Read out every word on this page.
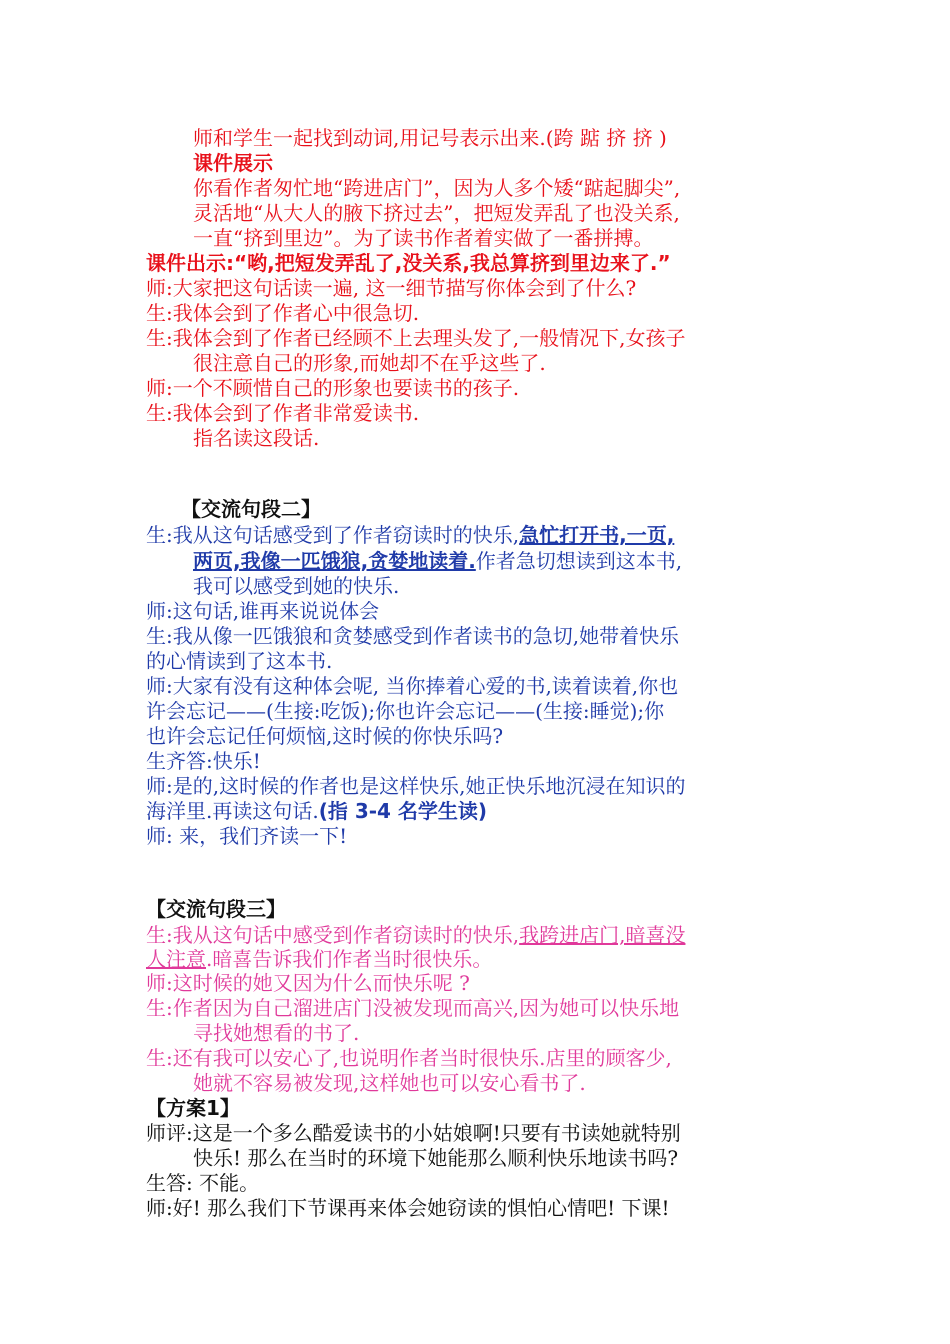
师和学生一起找到动词,用记号表示出来.(跨 踮 挤 挤 )
课件展示
你看作者匆忙地“跨进店门”，因为人多个矮“踮起脚尖”,
灵活地“从大人的腋下挤过去”，把短发弄乱了也没关系,
一直“挤到里边”。为了读书作者着实做了一番拼搏。
课件出示:“哟,把短发弄乱了,没关系,我总算挤到里边来了.”
师:大家把这句话读一遍, 这一细节描写你体会到了什么?
生:我体会到了作者心中很急切.
生:我体会到了作者已经顾不上去理头发了,一般情况下,女孩子
很注意自己的形象,而她却不在乎这些了.
师:一个不顾惜自己的形象也要读书的孩子.
生:我体会到了作者非常爱读书.
指名读这段话.
【交流句段二】
生:我从这句话感受到了作者窃读时的快乐,急忙打开书,一页,
两页,我像一匹饿狼,贪婪地读着.作者急切想读到这本书,
我可以感受到她的快乐.
师:这句话,谁再来说说体会
生:我从像一匹饿狼和贪婪感受到作者读书的急切,她带着快乐
的心情读到了这本书.
师:大家有没有这种体会呢, 当你捧着心爱的书,读着读着,你也
许会忘记——(生接:吃饭);你也许会忘记——(生接:睡觉);你
也许会忘记任何烦恼,这时候的你快乐吗?
生齐答:快乐!
师:是的,这时候的作者也是这样快乐,她正快乐地沉浸在知识的
海洋里.再读这句话.(指 3-4 名学生读)
师: 来，我们齐读一下!
【交流句段三】
生:我从这句话中感受到作者窃读时的快乐,我跨进店门,暗喜没
人注意.暗喜告诉我们作者当时很快乐。
师:这时候的她又因为什么而快乐呢 ?
生:作者因为自己溜进店门没被发现而高兴,因为她可以快乐地
寻找她想看的书了.
生:还有我可以安心了,也说明作者当时很快乐.店里的顾客少,
她就不容易被发现,这样她也可以安心看书了.
【方案1】
师评:这是一个多么酷爱读书的小姑娘啊!只要有书读她就特别
快乐! 那么在当时的环境下她能那么顺利快乐地读书吗?
生答: 不能。
师:好! 那么我们下节课再来体会她窃读的惧怕心情吧! 下课!
